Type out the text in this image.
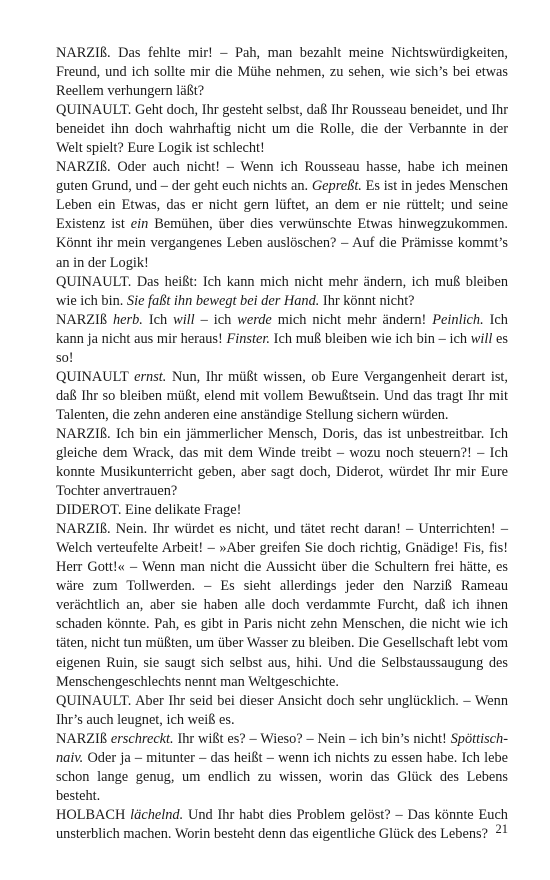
NARZIß. Das fehlte mir! – Pah, man bezahlt meine Nichtswürdigkeiten, Freund, und ich sollte mir die Mühe nehmen, zu sehen, wie sich’s bei etwas Reellem verhungern läßt?

QUINAULT. Geht doch, Ihr gesteht selbst, daß Ihr Rousseau beneidet, und Ihr beneidet ihn doch wahrhaftig nicht um die Rolle, die der Verbannte in der Welt spielt? Eure Logik ist schlecht!

NARZIß. Oder auch nicht! – Wenn ich Rousseau hasse, habe ich meinen guten Grund, und – der geht euch nichts an. Gepreßt. Es ist in jedes Menschen Leben ein Etwas, das er nicht gern lüftet, an dem er nie rüttelt; und seine Existenz ist ein Bemühen, über dies verwünschte Etwas hinwegzukommen. Könnt ihr mein vergangenes Leben auslöschen? – Auf die Prämisse kommt’s an in der Logik!

QUINAULT. Das heißt: Ich kann mich nicht mehr ändern, ich muß bleiben wie ich bin. Sie faßt ihn bewegt bei der Hand. Ihr könnt nicht?

NARZIß herb. Ich will – ich werde mich nicht mehr ändern! Peinlich. Ich kann ja nicht aus mir heraus! Finster. Ich muß bleiben wie ich bin – ich will es so!

QUINAULT ernst. Nun, Ihr müßt wissen, ob Eure Vergangenheit derart ist, daß Ihr so bleiben müßt, elend mit vollem Bewußtsein. Und das tragt Ihr mit Talenten, die zehn anderen eine anständige Stellung sichern würden.

NARZIß. Ich bin ein jämmerlicher Mensch, Doris, das ist unbestreitbar. Ich gleiche dem Wrack, das mit dem Winde treibt – wozu noch steuern?! – Ich konnte Musikunterricht geben, aber sagt doch, Diderot, würdet Ihr mir Eure Tochter anvertrauen?

DIDEROT. Eine delikate Frage!

NARZIß. Nein. Ihr würdet es nicht, und tätet recht daran! – Unterrichten! – Welch verteufelte Arbeit! – »Aber greifen Sie doch richtig, Gnädige! Fis, fis! Herr Gott!« – Wenn man nicht die Aussicht über die Schultern frei hätte, es wäre zum Tollwerden. – Es sieht allerdings jeder den Narziß Rameau verächtlich an, aber sie haben alle doch verdammte Furcht, daß ich ihnen schaden könnte. Pah, es gibt in Paris nicht zehn Menschen, die nicht wie ich täten, nicht tun müßten, um über Wasser zu bleiben. Die Gesellschaft lebt vom eigenen Ruin, sie saugt sich selbst aus, hihi. Und die Selbstaussaugung des Menschengeschlechts nennt man Weltgeschichte.

QUINAULT. Aber Ihr seid bei dieser Ansicht doch sehr unglücklich. – Wenn Ihr’s auch leugnet, ich weiß es.

NARZIß erschreckt. Ihr wißt es? – Wieso? – Nein – ich bin’s nicht! Spöttisch-naiv. Oder ja – mitunter – das heißt – wenn ich nichts zu essen habe. Ich lebe schon lange genug, um endlich zu wissen, worin das Glück des Lebens besteht.

HOLBACH lächelnd. Und Ihr habt dies Problem gelöst? – Das könnte Euch unsterblich machen. Worin besteht denn das eigentliche Glück des Lebens? 21
